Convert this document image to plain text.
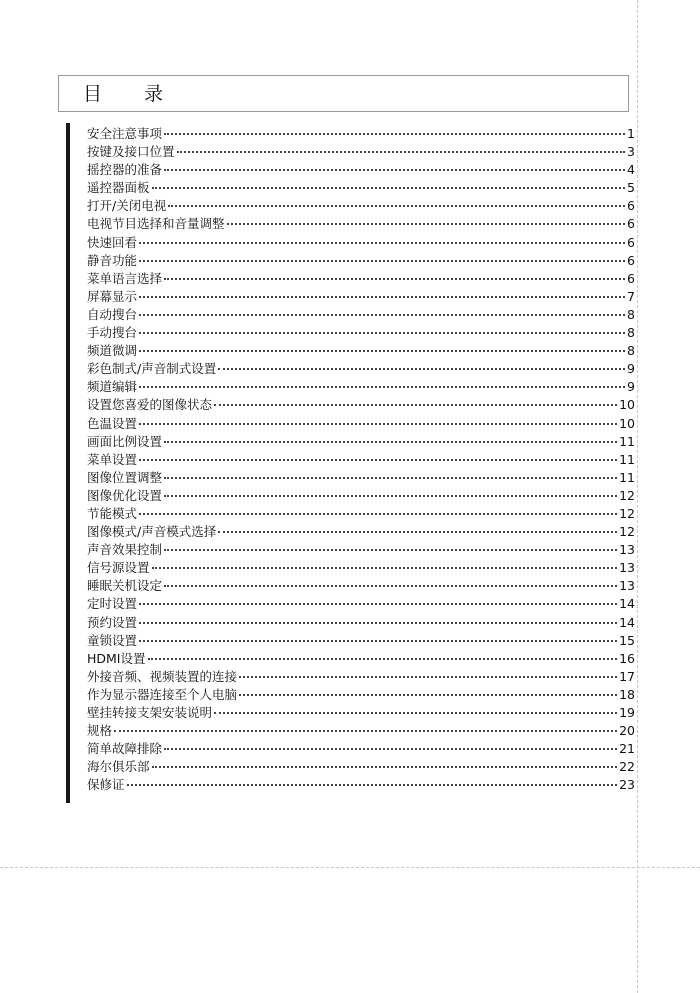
目录
安全注意事项	1
按键及接口位置	3
摇控器的准备	4
遥控器面板	5
打开/关闭电视	6
电视节目选择和音量调整	6
快速回看	6
静音功能	6
菜单语言选择	6
屏幕显示	7
自动搜台	8
手动搜台	8
频道微调	8
彩色制式/声音制式设置	9
频道编辑	9
设置您喜爱的图像状态	10
色温设置	10
画面比例设置	11
菜单设置	11
图像位置调整	11
图像优化设置	12
节能模式	12
图像模式/声音模式选择	12
声音效果控制	13
信号源设置	13
睡眠关机设定	13
定时设置	14
预约设置	14
童锁设置	15
HDMI设置	16
外接音频、视频装置的连接	17
作为显示器连接至个人电脑	18
壁挂转接支架安装说明	19
规格	20
简单故障排除	21
海尔俱乐部	22
保修证	23
